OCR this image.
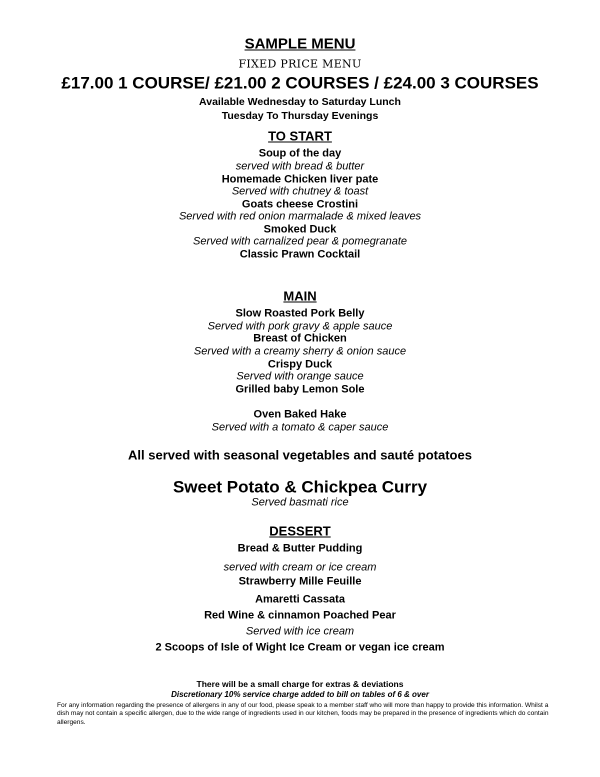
SAMPLE MENU
FIXED PRICE MENU
£17.00 1 COURSE/ £21.00 2 COURSES / £24.00 3 COURSES
Available Wednesday to Saturday Lunch
Tuesday To Thursday Evenings
TO START
Soup of the day
served with bread & butter
Homemade Chicken liver pate
Served with chutney & toast
Goats cheese Crostini
Served with red onion marmalade & mixed leaves
Smoked Duck
Served with carnalized pear & pomegranate
Classic Prawn Cocktail
MAIN
Slow Roasted Pork Belly
Served with pork gravy & apple sauce
Breast of Chicken
Served with a creamy sherry & onion sauce
Crispy Duck
Served with orange sauce
Grilled baby Lemon Sole
Oven Baked Hake
Served with a tomato & caper sauce
All served with seasonal vegetables and sauté potatoes
Sweet Potato & Chickpea Curry
Served basmati rice
DESSERT
Bread & Butter Pudding
served with cream or ice cream
Strawberry Mille Feuille
Amaretti Cassata
Red Wine & cinnamon Poached Pear
Served with ice cream
2 Scoops of Isle of Wight Ice Cream or vegan ice cream
There will be a small charge for extras & deviations
Discretionary 10% service charge added to bill on tables of 6 & over
For any information regarding the presence of allergens in any of our food, please speak to a member staff who will more than happy to provide this information. Whilst a dish may not contain a specific allergen, due to the wide range of ingredients used in our kitchen, foods may be prepared in the presence of ingredients which do contain allergens.
